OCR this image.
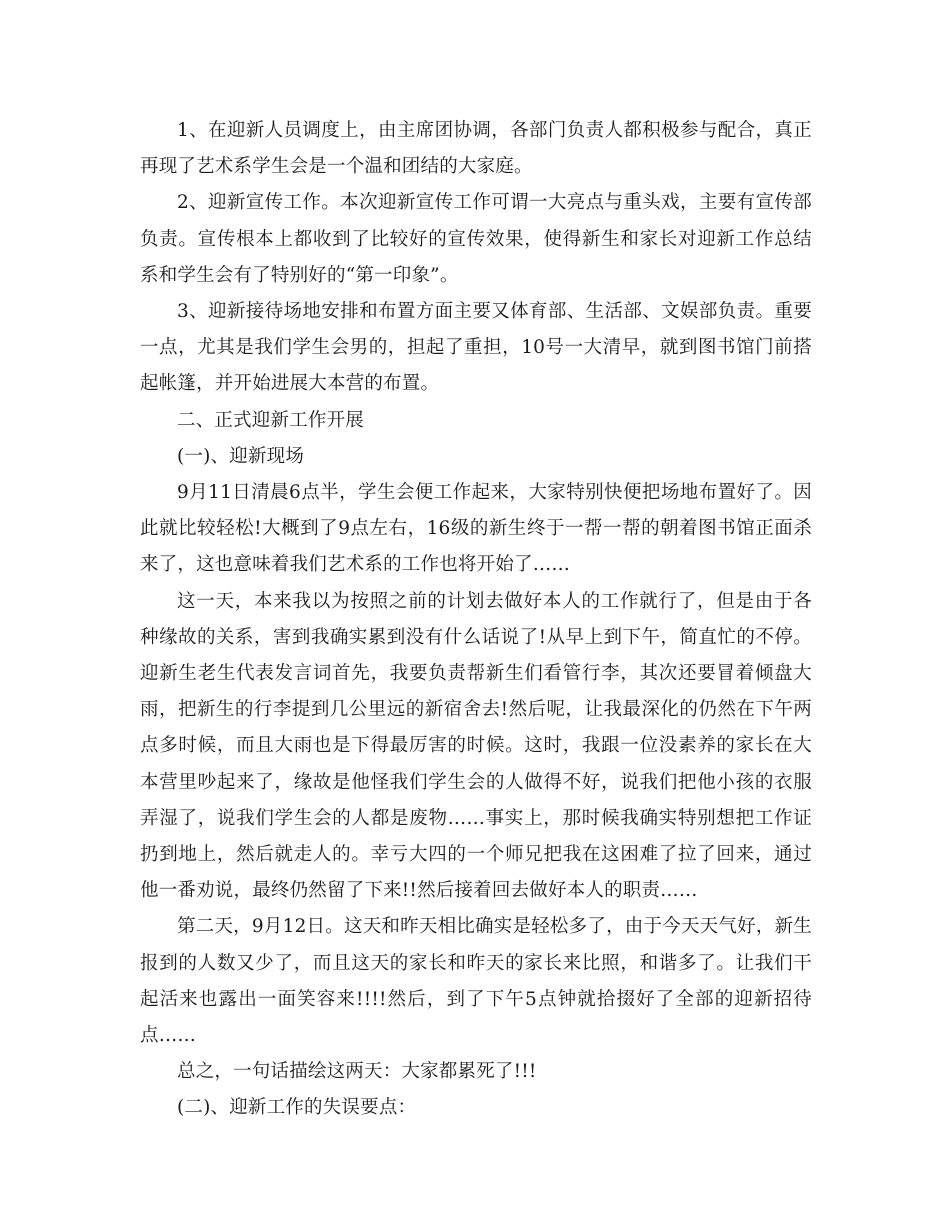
1、在迎新人员调度上，由主席团协调，各部门负责人都积极参与配合，真正再现了艺术系学生会是一个温和团结的大家庭。

2、迎新宣传工作。本次迎新宣传工作可谓一大亮点与重头戏，主要有宣传部负责。宣传根本上都收到了比较好的宣传效果，使得新生和家长对迎新工作总结系和学生会有了特别好的“第一印象”。

3、迎新接待场地安排和布置方面主要又体育部、生活部、文娱部负责。重要一点，尤其是我们学生会男的，担起了重担，10号一大清早，就到图书馆门前搭起帐篷，并开始进展大本营的布置。

二、正式迎新工作开展

(一)、迎新现场

9月11日清晨6点半，学生会便工作起来，大家特别快便把场地布置好了。因此就比较轻松!大概到了9点左右，16级的新生终于一帮一帮的朝着图书馆正面杀来了，这也意味着我们艺术系的工作也将开始了……

这一天，本来我以为按照之前的计划去做好本人的工作就行了，但是由于各种缘故的关系，害到我确实累到没有什么话说了!从早上到下午，简直忙的不停。迎新生老生代表发言词首先，我要负责帮新生们看管行李，其次还要冒着倾盘大雨，把新生的行李提到几公里远的新宿舍去!然后呢，让我最深化的仍然在下午两点多时候，而且大雨也是下得最厉害的时候。这时，我跟一位没素养的家长在大本营里吵起来了，缘故是他怪我们学生会的人做得不好，说我们把他小孩的衣服弄湿了，说我们学生会的人都是废物……事实上，那时候我确实特别想把工作证扔到地上，然后就走人的。幸亏大四的一个师兄把我在这困难了拉了回来，通过他一番劝说，最终仍然留了下来!!然后接着回去做好本人的职责……

第二天，9月12日。这天和昨天相比确实是轻松多了，由于今天天气好，新生报到的人数又少了，而且这天的家长和昨天的家长来比照，和谐多了。让我们干起活来也露出一面笑容来!!!!然后，到了下午5点钟就拾掇好了全部的迎新招待点……

总之，一句话描绘这两天：大家都累死了!!!

(二)、迎新工作的失误要点：
